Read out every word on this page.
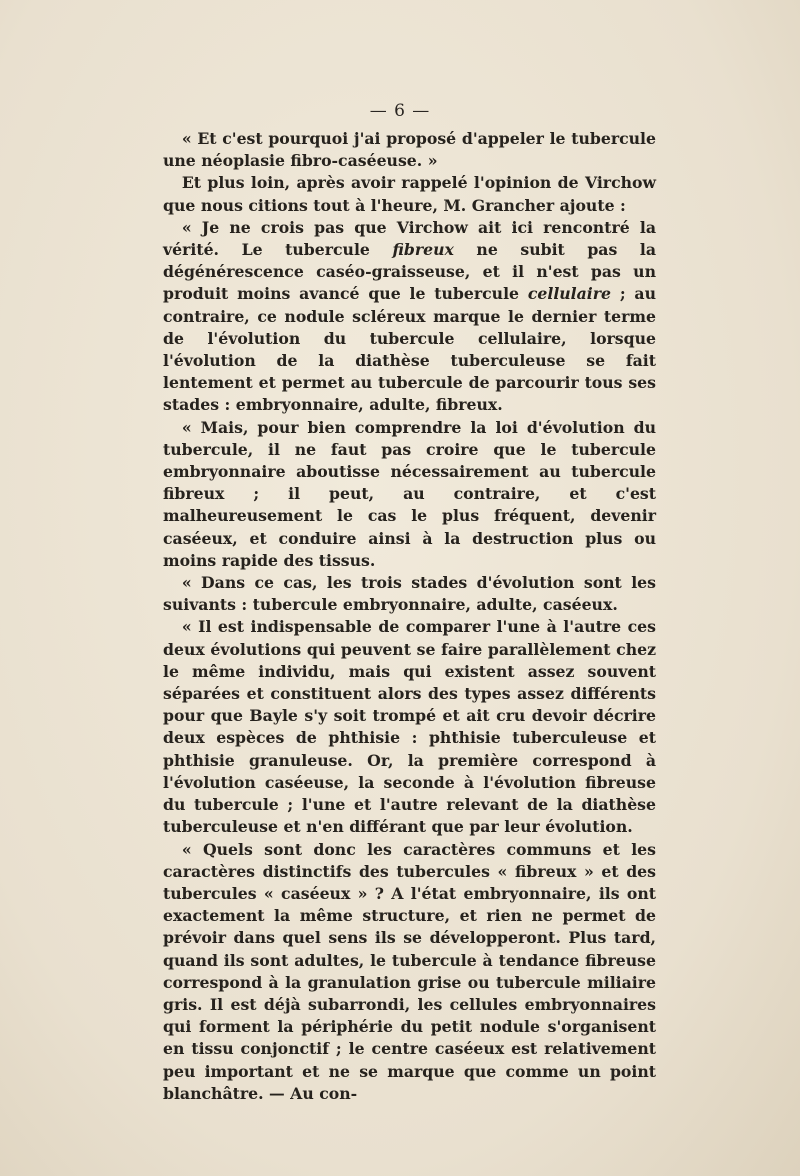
— 6 —

« Et c'est pourquoi j'ai proposé d'appeler le tubercule une néoplasie fibro-caséeuse. »

Et plus loin, après avoir rappelé l'opinion de Virchow que nous citions tout à l'heure, M. Grancher ajoute :

« Je ne crois pas que Virchow ait ici rencontré la vérité. Le tubercule fibreux ne subit pas la dégénérescence caséo-graisseuse, et il n'est pas un produit moins avancé que le tubercule cellulaire ; au contraire, ce nodule scléreux marque le dernier terme de l'évolution du tubercule cellulaire, lorsque l'évolution de la diathèse tuberculeuse se fait lentement et permet au tubercule de parcourir tous ses stades : embryonnaire, adulte, fibreux.

« Mais, pour bien comprendre la loi d'évolution du tubercule, il ne faut pas croire que le tubercule embryonnaire aboutisse nécessairement au tubercule fibreux ; il peut, au contraire, et c'est malheureusement le cas le plus fréquent, devenir caséeux, et conduire ainsi à la destruction plus ou moins rapide des tissus.

« Dans ce cas, les trois stades d'évolution sont les suivants : tubercule embryonnaire, adulte, caséeux.

« Il est indispensable de comparer l'une à l'autre ces deux évolutions qui peuvent se faire parallèlement chez le même individu, mais qui existent assez souvent séparées et constituent alors des types assez différents pour que Bayle s'y soit trompé et ait cru devoir décrire deux espèces de phthisie : phthisie tuberculeuse et phthisie granuleuse. Or, la première correspond à l'évolution caséeuse, la seconde à l'évolution fibreuse du tubercule ; l'une et l'autre relevant de la diathèse tuberculeuse et n'en différant que par leur évolution.

« Quels sont donc les caractères communs et les caractères distinctifs des tubercules « fibreux » et des tubercules « caséeux » ? A l'état embryonnaire, ils ont exactement la même structure, et rien ne permet de prévoir dans quel sens ils se développeront. Plus tard, quand ils sont adultes, le tubercule à tendance fibreuse correspond à la granulation grise ou tubercule miliaire gris. Il est déjà subarrondi, les cellules embryonnaires qui forment la périphérie du petit nodule s'organisent en tissu conjonctif ; le centre caséeux est relativement peu important et ne se marque que comme un point blanchâtre. — Au con-
